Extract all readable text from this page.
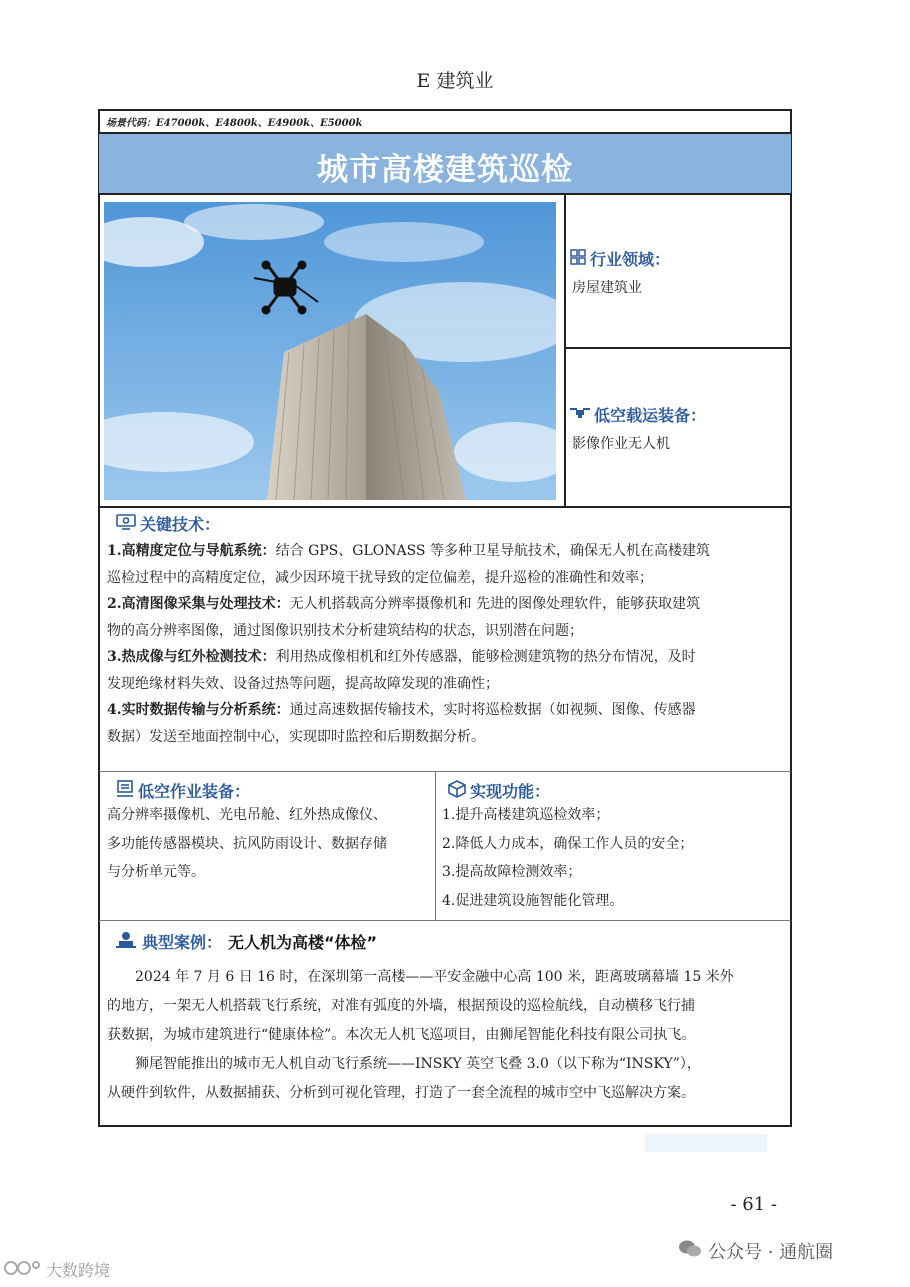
E 建筑业
场景代码：E47000k、E4800k、E4900k、E5000k
城市高楼建筑巡检
行业领域：
房屋建筑业
低空载运装备：
影像作业无人机
关键技术：

1.高精度定位与导航系统：结合 GPS、GLONASS 等多种卫星导航技术，确保无人机在高楼建筑

巡检过程中的高精度定位，减少因环境干扰导致的定位偏差，提升巡检的准确性和效率；

2.高清图像采集与处理技术：无人机搭载高分辨率摄像机和 先进的图像处理软件，能够获取建筑

物的高分辨率图像，通过图像识别技术分析建筑结构的状态，识别潜在问题；

3.热成像与红外检测技术：利用热成像相机和红外传感器，能够检测建筑物的热分布情况，及时

发现绝缘材料失效、设备过热等问题，提高故障发现的准确性；

4.实时数据传输与分析系统：通过高速数据传输技术，实时将巡检数据（如视频、图像、传感器

数据）发送至地面控制中心，实现即时监控和后期数据分析。

低空作业装备：
高分辨率摄像机、光电吊舱、红外热成像仪、
多功能传感器模块、抗风防雨设计、数据存储
与分析单元等。
实现功能：
1.提升高楼建筑巡检效率；
2.降低人力成本，确保工作人员的安全；
3.提高故障检测效率；
4.促进建筑设施智能化管理。
典型案例： 无人机为高楼“体检”

2024 年 7 月 6 日 16 时，在深圳第一高楼——平安金融中心高 100 米，距离玻璃幕墙 15 米外

的地方，一架无人机搭载飞行系统，对准有弧度的外墙，根据预设的巡检航线，自动横移飞行捕

获数据，为城市建筑进行“健康体检”。本次无人机飞巡项目，由狮尾智能化科技有限公司执飞。

狮尾智能推出的城市无人机自动飞行系统——INSKY 英空飞叠 3.0（以下称为“INSKY”），

从硬件到软件，从数据捕获、分析到可视化管理，打造了一套全流程的城市空中飞巡解决方案。

- 61 -
公众号 · 通航圈
大数跨境
